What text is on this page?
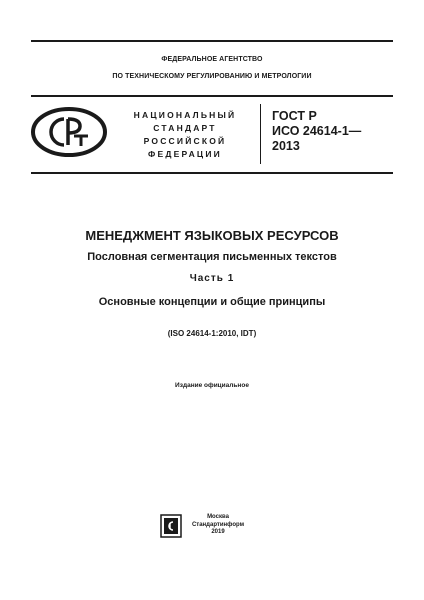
ФЕДЕРАЛЬНОЕ АГЕНТСТВО
ПО ТЕХНИЧЕСКОМУ РЕГУЛИРОВАНИЮ И МЕТРОЛОГИИ
НАЦИОНАЛЬНЫЙ
СТАНДАРТ
РОССИЙСКОЙ
ФЕДЕРАЦИИ
ГОСТ Р
ИСО 24614-1—
2013
МЕНЕДЖМЕНТ ЯЗЫКОВЫХ РЕСУРСОВ
Пословная сегментация письменных текстов
Часть 1
Основные концепции и общие принципы
(ISO 24614-1:2010, IDT)
Издание официальное
Москва
Стандартинформ
2019
